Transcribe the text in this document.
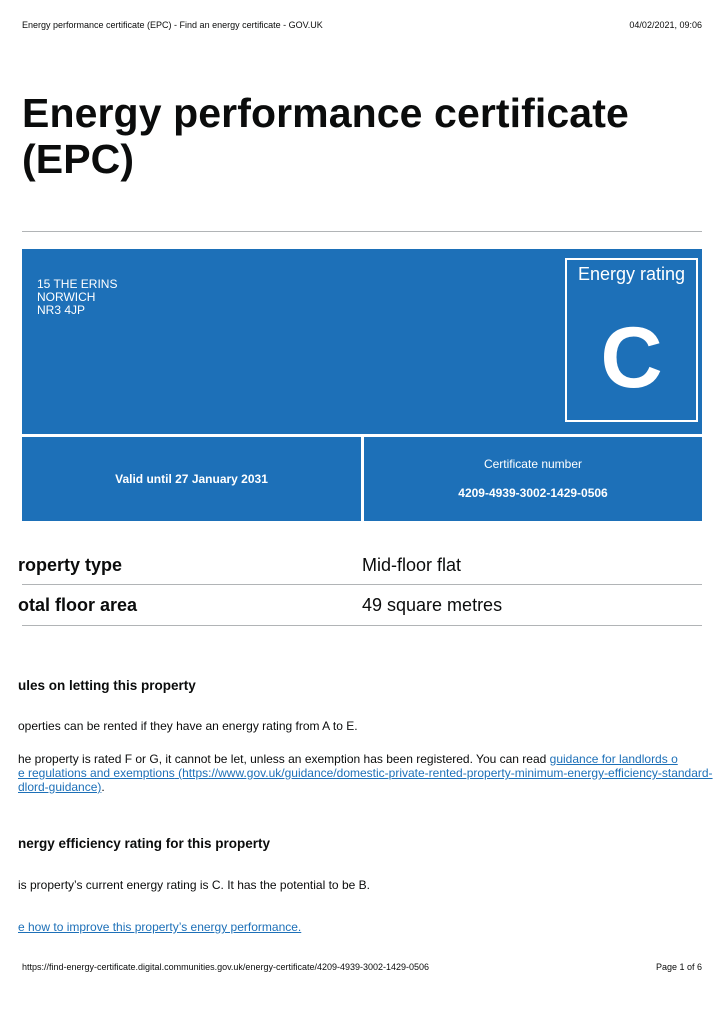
Energy performance certificate (EPC) - Find an energy certificate - GOV.UK	04/02/2021, 09:06
Energy performance certificate
(EPC)
15 THE ERINS
NORWICH
NR3 4JP
Energy rating
C
Valid until 27 January 2031
Certificate number
4209-4939-3002-1429-0506
roperty type	Mid-floor flat
otal floor area	49 square metres
ules on letting this property
operties can be rented if they have an energy rating from A to E.
he property is rated F or G, it cannot be let, unless an exemption has been registered. You can read guidance for landlords o
e regulations and exemptions (https://www.gov.uk/guidance/domestic-private-rented-property-minimum-energy-efficiency-standard-
dlord-guidance).
nergy efficiency rating for this property
is property’s current energy rating is C. It has the potential to be B.
e how to improve this property’s energy performance.
https://find-energy-certificate.digital.communities.gov.uk/energy-certificate/4209-4939-3002-1429-0506	Page 1 of 6
